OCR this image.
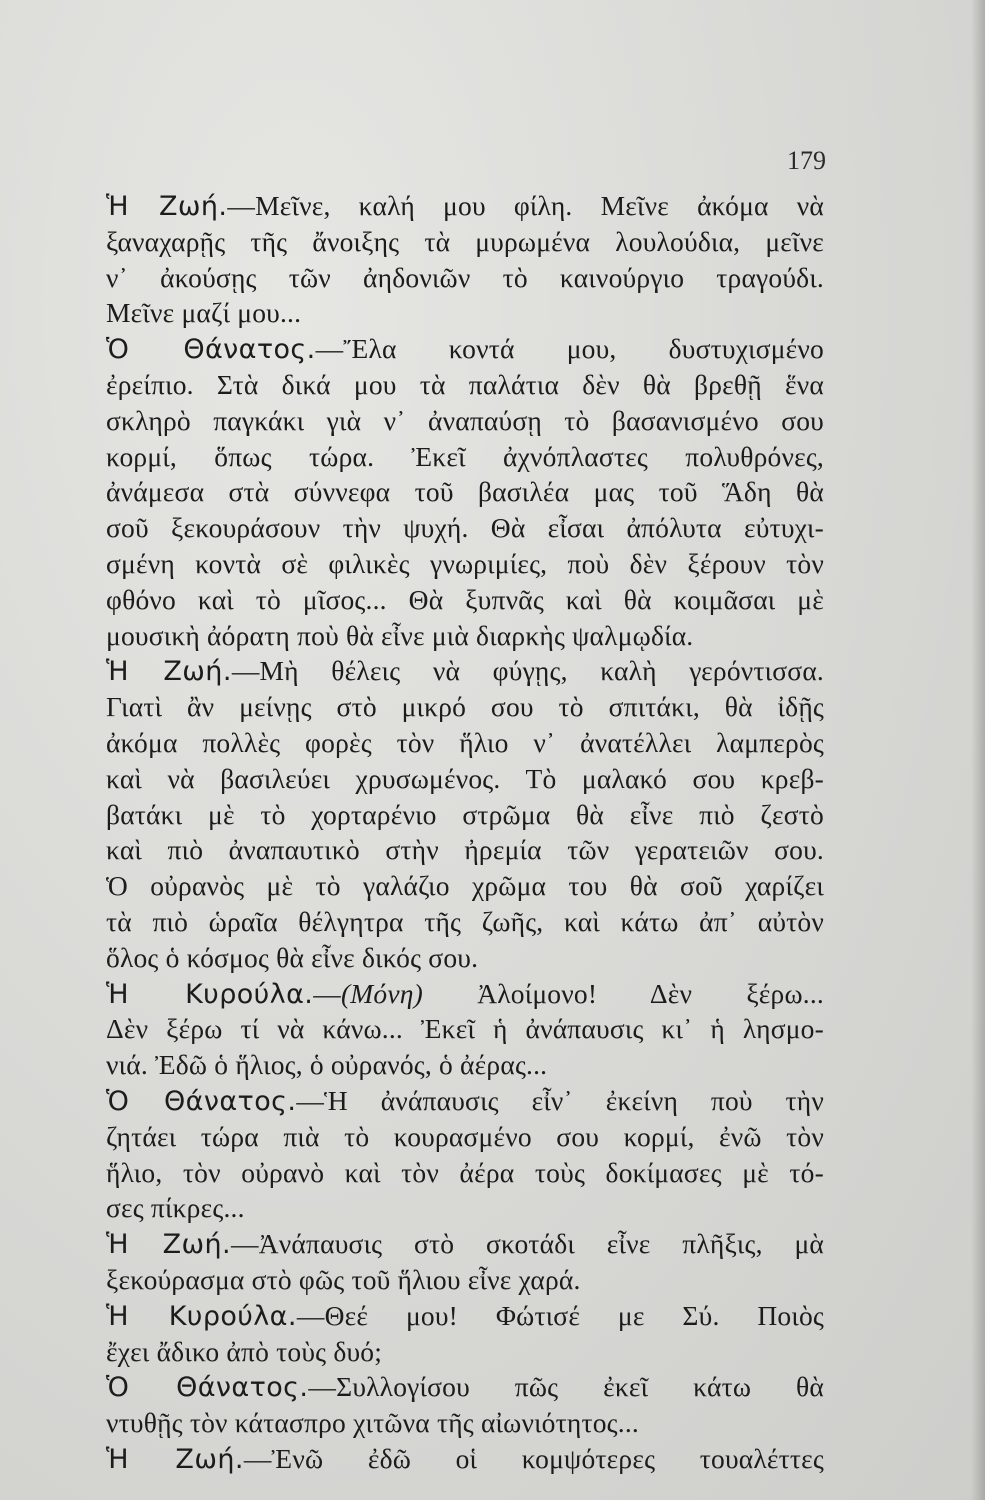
179
Ἡ Ζωή.—Μεῖνε, καλή μου φίλη. Μεῖνε ἀκόμα νὰ
ξαναχαρῇς τῆς ἄνοιξης τὰ μυρωμένα λουλούδια, μεῖνε
ν᾿ ἀκούσῃς τῶν ἀηδονιῶν τὸ καινούργιο τραγούδι.
Μεῖνε μαζί μου...
Ὁ Θάνατος.—Ἔλα κοντά μου, δυστυχισμένο
ἐρείπιο. Στὰ δικά μου τὰ παλάτια δὲν θὰ βρεθῇ ἕνα
σκληρὸ παγκάκι γιὰ ν᾿ ἀναπαύσῃ τὸ βασανισμένο σου
κορμί, ὅπως τώρα. Ἐκεῖ ἀχνόπλαστες πολυθρόνες,
ἀνάμεσα στὰ σύννεφα τοῦ βασιλέα μας τοῦ Ἅδη θὰ
σοῦ ξεκουράσουν τὴν ψυχή. Θὰ εἶσαι ἀπόλυτα εὐτυχι-
σμένη κοντὰ σὲ φιλικὲς γνωριμίες, ποὺ δὲν ξέρουν τὸν
φθόνο καὶ τὸ μῖσος... Θὰ ξυπνᾶς καὶ θὰ κοιμᾶσαι μὲ
μουσικὴ ἀόρατη ποὺ θὰ εἶνε μιὰ διαρκὴς ψαλμῳδία.
Ἡ Ζωή.—Μὴ θέλεις νὰ φύγῃς, καλὴ γερόντισσα.
Γιατὶ ἂν μείνῃς στὸ μικρό σου τὸ σπιτάκι, θὰ ἰδῇς
ἀκόμα πολλὲς φορὲς τὸν ἥλιο ν᾿ ἀνατέλλει λαμπερὸς
καὶ νὰ βασιλεύει χρυσωμένος. Τὸ μαλακό σου κρεβ-
βατάκι μὲ τὸ χορταρένιο στρῶμα θὰ εἶνε πιὸ ζεστὸ
καὶ πιὸ ἀναπαυτικὸ στὴν ἠρεμία τῶν γερατειῶν σου.
Ὁ οὐρανὸς μὲ τὸ γαλάζιο χρῶμα του θὰ σοῦ χαρίζει
τὰ πιὸ ὡραῖα θέλγητρα τῆς ζωῆς, καὶ κάτω ἀπ᾿ αὐτὸν
ὅλος ὁ κόσμος θὰ εἶνε δικός σου.
Ἡ Κυρούλα.—(Μόνη) Ἀλοίμονο! Δὲν ξέρω...
Δὲν ξέρω τί νὰ κάνω... Ἐκεῖ ἡ ἀνάπαυσις κι᾿ ἡ λησμο-
νιά. Ἐδῶ ὁ ἥλιος, ὁ οὐρανός, ὁ ἀέρας...
Ὁ Θάνατος.—Ἡ ἀνάπαυσις εἶν᾿ ἐκείνη ποὺ τὴν
ζητάει τώρα πιὰ τὸ κουρασμένο σου κορμί, ἐνῶ τὸν
ἥλιο, τὸν οὐρανὸ καὶ τὸν ἀέρα τοὺς δοκίμασες μὲ τό-
σες πίκρες...
Ἡ Ζωή.—Ἀνάπαυσις στὸ σκοτάδι εἶνε πλῆξις, μὰ
ξεκούρασμα στὸ φῶς τοῦ ἥλιου εἶνε χαρά.
Ἡ Κυρούλα.—Θεέ μου! Φώτισέ με Σύ. Ποιὸς
ἔχει ἄδικο ἀπὸ τοὺς δυό;
Ὁ Θάνατος.—Συλλογίσου πῶς ἐκεῖ κάτω θὰ
ντυθῇς τὸν κάτασπρο χιτῶνα τῆς αἰωνιότητος...
Ἡ Ζωή.—Ἐνῶ ἐδῶ οἱ κομψότερες τουαλέττες
